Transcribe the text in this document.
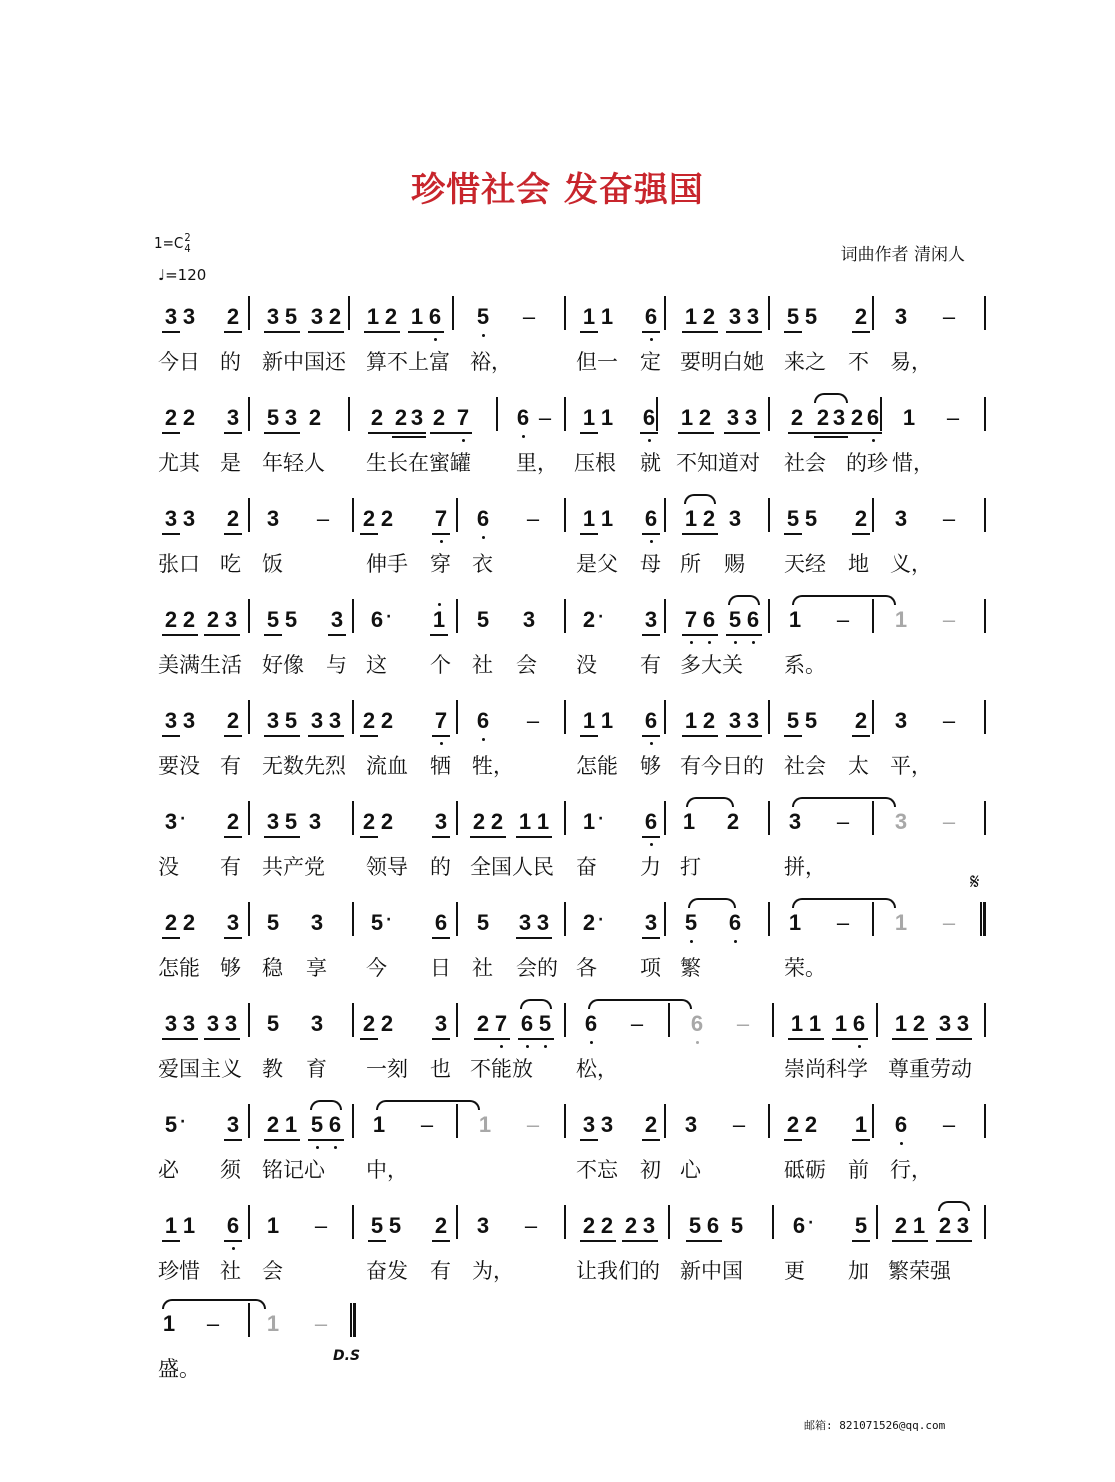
珍惜社会 发奋强国
1=C 2
4
♩=120
词曲作者 清闲人
3 3 2 3 5 3 2 1 2 1 6 5 – 1 1 6 1 2 3 3 5 5 2 3 –
今日 的 新中国还 算不上富 裕，	但一 定 要明白她 来之 不 易，
2 2 3 5 3 2 2 2 3 2 7 6 – 1 1 6 1 2 3 3 2 2 3 2 6 1 –
尤其 是 年轻人 生长在蜜罐 里， 压根 就 不知道对 社会 的珍 惜，
3 3 2 3 – 2 2 7 6 – 1 1 6 1 2 3 5 5 2 3 –
张口 吃 饭	伸手 穿 衣	是父 母 所 赐 天经 地 义，
2 2 2 3 5 5 3 6 · 1 5 3 2 · 3 7 6 5 6 1 – 1 –
美满生活 好像 与 这 个 社 会 没 有 多大关 系。
3 3 2 3 5 3 3 2 2 7 6 – 1 1 6 1 2 3 3 5 5 2 3 –
要没 有 无数先烈 流血 牺 牲，	怎能 够 有今日的 社会 太 平，
3 · 2 3 5 3 2 2 3 2 2 1 1 1 · 6 1 2 3 – 3 –
没 有 共产党 领导 的 全国人民 奋 力 打	拼，
2 2 3 5 3 5 · 6 5 3 3 2 · 3 5 6 1 – 1 –
怎能 够 稳 享 今 日 社 会的 各 项 繁	荣。
3 3 3 3 5 3 2 2 3 2 7 6 5 6 – 6 – 1 1 1 6 1 2 3 3
爱国主义 教 育 一刻 也 不能放 松，	崇尚科学 尊重劳动
5 · 3 2 1 5 6 1 – 1 – 3 3 2 3 – 2 2 1 6 –
必 须 铭记心 中，	不忘 初 心	砥砺 前 行，
1 1 6 1 – 5 5 2 3 – 2 2 2 3 5 6 5 6 · 5 2 1 2 3
珍惜 社 会	奋发 有 为，	让我们的 新中国 更 加 繁荣强
1 – 1 –
盛。
𝄋
D.S
邮箱: 821071526@qq.com
